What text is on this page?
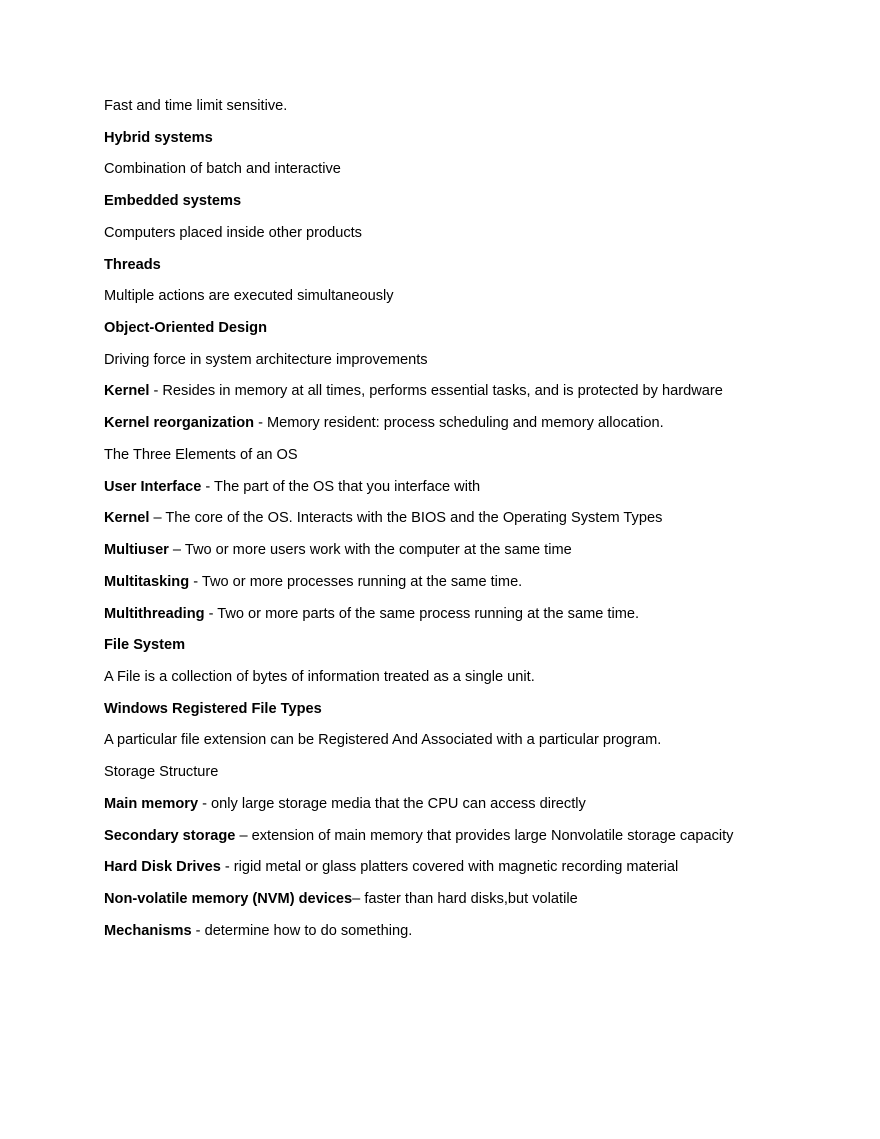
Fast and time limit sensitive.
Hybrid systems
Combination of batch and interactive
Embedded systems
Computers placed inside other products
Threads
Multiple actions are executed simultaneously
Object-Oriented Design
Driving force in system architecture improvements
Kernel - Resides in memory at all times, performs essential tasks, and is protected by hardware
Kernel reorganization - Memory resident: process scheduling and memory allocation.
The Three Elements of an OS
User Interface - The part of the OS that you interface with
Kernel – The core of the OS. Interacts with the BIOS and the Operating System Types
Multiuser – Two or more users work with the computer at the same time
Multitasking - Two or more processes running at the same time.
Multithreading - Two or more parts of the same process running at the same time.
File System
A File is a collection of bytes of information treated as a single unit.
Windows Registered File Types
A particular file extension can be Registered And Associated with a particular program.
Storage Structure
Main memory - only large storage media that the CPU can access directly
Secondary storage – extension of main memory that provides large Nonvolatile storage capacity
Hard Disk Drives - rigid metal or glass platters covered with magnetic recording material
Non-volatile memory (NVM) devices– faster than hard disks,but volatile
Mechanisms - determine how to do something.
